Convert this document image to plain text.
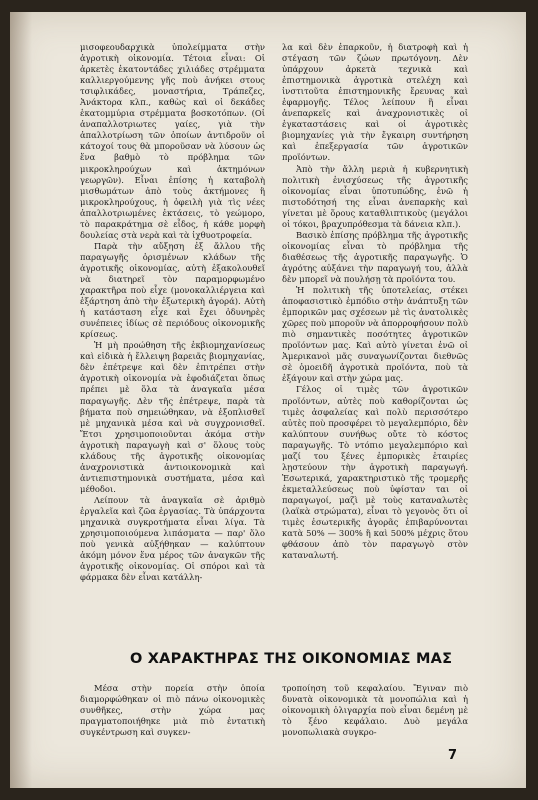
μισοφεουδαρχικὰ ὑπολείμματα στὴν ἀγροτικὴ οἰκονομία. Τέτοια εἶναι: Οἱ ἀρκετὲς ἑκατοντάδες χιλιάδες στρέμματα καλλιεργούμενης γῆς ποὺ ἀνήκει στους τσιφλικάδες, μοναστήρια, Τράπεζες, Ἀνάκτορα κλπ., καθὼς καὶ οἱ δεκάδες ἑκατομμύρια στρέμματα βοσκοτόπων. (Οἱ ἀναπαλλοτριωτες γαίες, γιὰ τὴν ἀπαλλοτρίωση τῶν ὁποίων ἀντιδροῦν οἱ κάτοχοί τους θὰ μποροῦσαν νὰ λύσουν ὡς ἕνα βαθμὸ τὸ πρόβλημα τῶν μικροκληρούχων καὶ ἀκτημόνων γεωργῶν). Εἶναι ἐπίσης ἡ καταβολὴ μισθωμάτων ἀπὸ τοὺς ἀκτήμονες ἢ μικροκληρούχους, ἡ ὀφειλὴ γιὰ τὶς νέες ἀπαλλοτριωμένες ἐκτάσεις, τὸ γεώμορο, τὸ παρακράτημα σὲ εἶδος, ἡ κάθε μορφὴ δουλείας στὰ νερὰ καὶ τὰ ἰχθυοτροφεία.

Παρὰ τὴν αὔξηση ἐξ ἄλλου τῆς παραγωγῆς ὁρισμένων κλάδων τῆς ἀγροτικῆς οἰκονομίας, αὐτὴ ἐξακολουθεῖ νὰ διατηρεῖ τὸν παραμορφωμένο χαρακτῆρα ποὺ εἶχε (μονοκαλλιέργεια καὶ ἐξάρτηση ἀπὸ τὴν ἐξωτερικὴ ἀγορά). Αὐτὴ ἡ κατάσταση εἶχε καὶ ἔχει ὀδυνηρὲς συνέπειες ἰδίως σὲ περιόδους οἰκονομικῆς κρίσεως.

Ἡ μὴ προώθηση τῆς ἐκβιομηχανίσεως καὶ εἰδικὰ ἡ ἔλλειψη βαρειᾶς βιομηχανίας, δὲν ἐπέτρεψε καὶ δὲν ἐπιτρέπει στὴν ἀγροτικὴ οἰκονομία νὰ ἐφοδιάζεται ὅπως πρέπει μὲ ὅλα τὰ ἀναγκαῖα μέσα παραγωγῆς. Δὲν τῆς ἐπέτρεψε, παρὰ τὰ βήματα ποὺ σημειώθηκαν, νὰ ἐξοπλισθεῖ μὲ μηχανικὰ μέσα καὶ νὰ συγχρονισθεῖ. Ἔτσι χρησιμοποιοῦνται ἀκόμα στὴν ἀγροτικὴ παραγωγὴ καὶ σ' ὅλους τοὺς κλάδους τῆς ἀγροτικῆς οἰκονομίας ἀναχρονιστικὰ ἀντιοικονομικὰ καὶ ἀντιεπιστημονικὰ συστήματα, μέσα καὶ μέθοδοι.

Λείπουν τὰ ἀναγκαῖα σὲ ἀριθμὸ ἐργαλεῖα καὶ ζῶα ἐργασίας. Τὰ ὑπάρχοντα μηχανικὰ συγκροτήματα εἶναι λίγα. Τὰ χρησιμοποιούμενα λιπάσματα — παρ' ὅλο ποὺ γενικὰ αὐξήθηκαν — καλύπτουν ἀκόμη μόνον ἕνα μέρος τῶν ἀναγκῶν τῆς ἀγροτικῆς οἰκονομίας. Οἱ σπόροι καὶ τὰ φάρμακα δὲν εἶναι κατάλλη-

λα καὶ δὲν ἐπαρκοῦν, ἡ διατροφὴ καὶ ἡ στέγαση τῶν ζώων πρωτόγονη. Δὲν ὑπάρχουν ἀρκετὰ τεχνικὰ καὶ ἐπιστημονικὰ ἀγροτικὰ στελέχη καὶ ἰνστιτοῦτα ἐπιστημονικῆς ἔρευνας καὶ ἐφαρμογῆς. Τέλος λείπουν ἢ εἶναι ἀνεπαρκεῖς καὶ ἀναχρονιστικὲς οἱ ἐγκαταστάσεις καὶ οἱ ἀγροτικὲς βιομηχανίες γιὰ τὴν ἔγκαιρη συντήρηση καὶ ἐπεξεργασία τῶν ἀγροτικῶν προϊόντων.

Ἀπὸ τὴν ἄλλη μεριὰ ἡ κυβερνητικὴ πολιτικὴ ἐνισχύσεως τῆς ἀγροτικῆς οἰκονομίας εἶναι ὑποτυπώδης, ἐνῶ ἡ πιστοδότησή της εἶναι ἀνεπαρκὴς καὶ γίνεται μὲ ὅρους καταθλιπτικοὺς (μεγάλοι οἱ τόκοι, βραχυπρόθεσμα τὰ δάνεια κλπ.).

Βασικὸ ἐπίσης πρόβλημα τῆς ἀγροτικῆς οἰκονομίας εἶναι τὸ πρόβλημα τῆς διαθέσεως τῆς ἀγροτικῆς παραγωγῆς. Ὁ ἀγρότης αὐξάνει τὴν παραγωγή του, ἀλλὰ δὲν μπορεῖ νὰ πουλήσῃ τὰ προϊόντα του.

Ἡ πολιτικὴ τῆς ὑποτελείας, στέκει ἀποφασιστικὸ ἐμπόδιο στὴν ἀνάπτυξη τῶν ἐμπορικῶν μας σχέσεων μὲ τὶς ἀνατολικὲς χῶρες ποὺ μποροῦν νὰ ἀπορροφήσουν πολὺ πιὸ σημαντικὲς ποσότητες ἀγροτικῶν προϊόντων μας. Καὶ αὐτὸ γίνεται ἐνῶ οἱ Ἀμερικανοὶ μᾶς συναγωνίζονται διεθνῶς σὲ ὁμοειδῆ ἀγροτικὰ προϊόντα, ποὺ τὰ ἐξάγουν καὶ στὴν χώρα μας.

Γέλος οἱ τιμὲς τῶν ἀγροτικῶν προϊόντων, αὐτὲς ποὺ καθορίζονται ὡς τιμὲς ἀσφαλείας καὶ πολὺ περισσότερο αὐτὲς ποὺ προσφέρει τὸ μεγαλεμπόριο, δὲν καλύπτουν συνήθως οὔτε τὸ κόστος παραγωγῆς. Τὸ ντόπιο μεγαλεμπόριο καὶ μαζί του ξένες ἐμπορικὲς ἑταιρίες λῃστεύουν τὴν ἀγροτικὴ παραγωγή. Ἐσωτερικά, χαρακτηριστικὸ τῆς τρομερῆς ἐκμεταλλεύσεως ποὺ ὑφίσταν ται οἱ παραγωγοί, μαζὶ μὲ τοὺς καταναλωτὲς (λαϊκὰ στρώματα), εἶναι τὸ γεγονὸς ὅτι οἱ τιμὲς ἐσωτερικῆς ἀγορᾶς ἐπιβαρύνονται κατὰ 50% — 300% ἢ καὶ 500% μέχρις ὅτου φθάσουν ἀπὸ τὸν παραγωγὸ στὸν καταναλωτή.

Ο ΧΑΡΑΚΤΗΡΑΣ ΤΗΣ ΟΙΚΟΝΟΜΙΑΣ ΜΑΣ

Μέσα στὴν πορεία στὴν ὁποία διαμορφώθηκαν οἱ πιὸ πάνω οἰκονομικὲς συνθῆκες, στὴν χώρα μας πραγματοποιήθηκε μιὰ πιὸ ἐντατικὴ συγκέντρωση καὶ συγκεν-

τροποίηση τοῦ κεφαλαίου. Ἔγιναν πιὸ δυνατὰ οἰκονομικὰ τὰ μονοπώλια καὶ ἡ οἰκονομικὴ ὀλιγαρχία ποὺ εἶναι δεμένη μὲ τὸ ξένο κεφάλαιο. Δυὸ μεγάλα μονοπωλιακὰ συγκρο-

7
